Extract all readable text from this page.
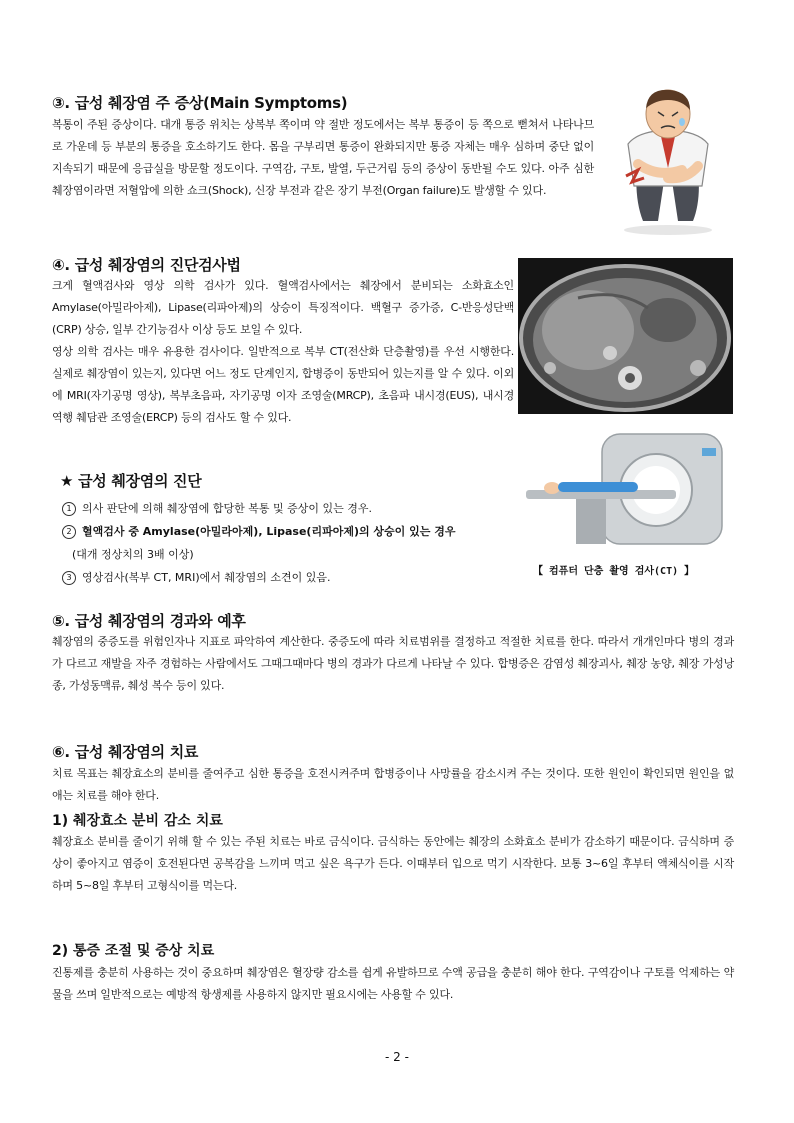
③. 급성 췌장염 주 증상(Main Symptoms)

복통이 주된 증상이다. 대개 통증 위치는 상복부 쪽이며 약 절반 정도에서는 복부 통증이 등 쪽으로 뻗쳐서 나타나므로 가운데 등 부분의 통증을 호소하기도 한다. 몸을 구부리면 통증이 완화되지만 통증 자체는 매우 심하며 중단 없이 지속되기 때문에 응급실을 방문할 정도이다. 구역감, 구토, 발열, 두근거림 등의 증상이 동반될 수도 있다. 아주 심한 췌장염이라면 저혈압에 의한 쇼크(Shock), 신장 부전과 같은 장기 부전(Organ failure)도 발생할 수 있다.

④. 급성 췌장염의 진단검사법

크게 혈액검사와 영상 의학 검사가 있다. 혈액검사에서는 췌장에서 분비되는 소화효소인 Amylase(아밀라아제), Lipase(리파아제)의 상승이 특징적이다. 백혈구 증가증, C-반응성단백(CRP) 상승, 일부 간기능검사 이상 등도 보일 수 있다.

영상 의학 검사는 매우 유용한 검사이다. 일반적으로 복부 CT(전산화 단층촬영)를 우선 시행한다. 실제로 췌장염이 있는지, 있다면 어느 정도 단계인지, 합병증이 동반되어 있는지를 알 수 있다. 이외에 MRI(자기공명 영상), 복부초음파, 자기공명 이자 조영술(MRCP), 초음파 내시경(EUS), 내시경 역행 췌담관 조영술(ERCP) 등의 검사도 할 수 있다.

【 컴퓨터 단층 촬영 검사(CT) 】
★ 급성 췌장염의 진단
1 의사 판단에 의해 췌장염에 합당한 복통 및 증상이 있는 경우.
2 혈액검사 중 Amylase(아밀라아제), Lipase(리파아제)의 상승이 있는 경우
(대개 정상치의 3배 이상)
3 영상검사(복부 CT, MRI)에서 췌장염의 소견이 있음.
⑤. 급성 췌장염의 경과와 예후

췌장염의 중증도를 위험인자나 지표로 파악하여 계산한다. 중증도에 따라 치료범위를 결정하고 적절한 치료를 한다. 따라서 개개인마다 병의 경과가 다르고 재발을 자주 경험하는 사람에서도 그때그때마다 병의 경과가 다르게 나타날 수 있다. 합병증은 감염성 췌장괴사, 췌장 농양, 췌장 가성낭종, 가성동맥류, 췌성 복수 등이 있다.

⑥. 급성 췌장염의 치료

치료 목표는 췌장효소의 분비를 줄여주고 심한 통증을 호전시켜주며 합병증이나 사망률을 감소시켜 주는 것이다. 또한 원인이 확인되면 원인을 없애는 치료를 해야 한다.

1) 췌장효소 분비 감소 치료

췌장효소 분비를 줄이기 위해 할 수 있는 주된 치료는 바로 금식이다. 금식하는 동안에는 췌장의 소화효소 분비가 감소하기 때문이다. 금식하며 증상이 좋아지고 염증이 호전된다면 공복감을 느끼며 먹고 싶은 욕구가 든다. 이때부터 입으로 먹기 시작한다. 보통 3~6일 후부터 액체식이를 시작하며 5~8일 후부터 고형식이를 먹는다.

2) 통증 조절 및 증상 치료

진통제를 충분히 사용하는 것이 중요하며 췌장염은 혈장량 감소를 쉽게 유발하므로 수액 공급을 충분히 해야 한다. 구역감이나 구토를 억제하는 약물을 쓰며 일반적으로는 예방적 항생제를 사용하지 않지만 필요시에는 사용할 수 있다.

- 2 -
